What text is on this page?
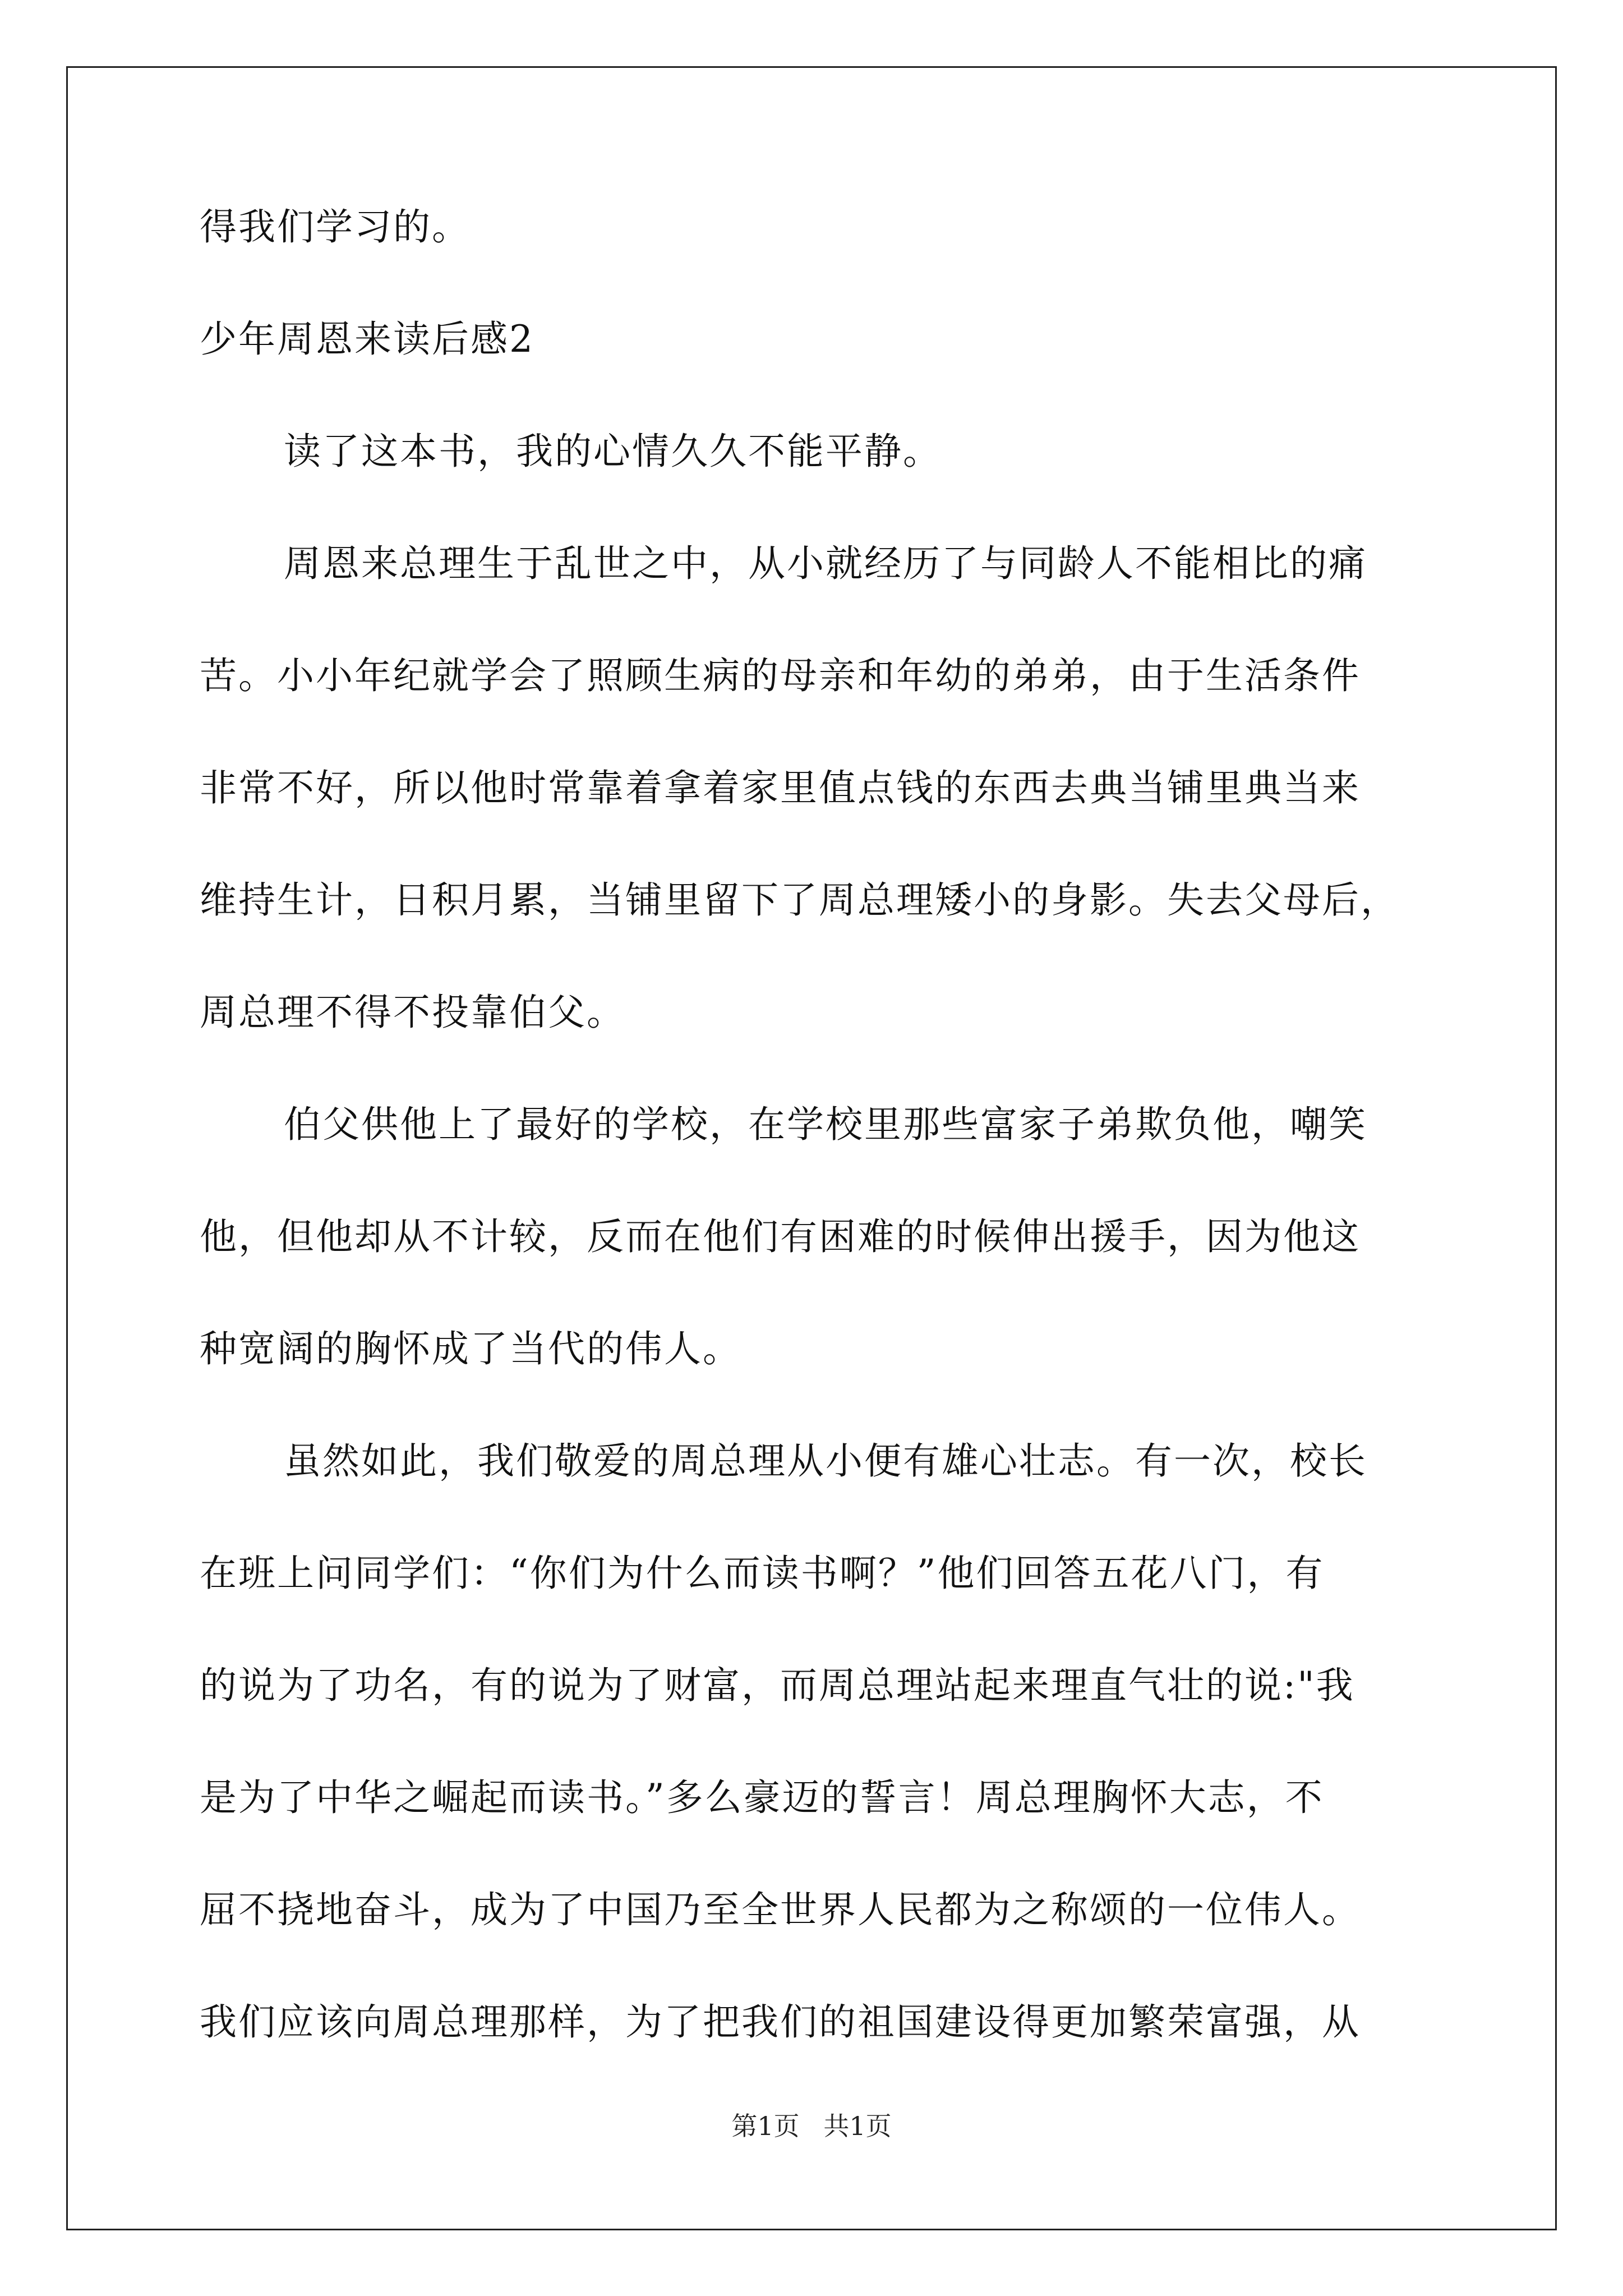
得我们学习的。
少年周恩来读后感2
读了这本书，我的心情久久不能平静。
周恩来总理生于乱世之中，从小就经历了与同龄人不能相比的痛
苦。小小年纪就学会了照顾生病的母亲和年幼的弟弟，由于生活条件
非常不好，所以他时常靠着拿着家里值点钱的东西去典当铺里典当来
维持生计，日积月累，当铺里留下了周总理矮小的身影。失去父母后，
周总理不得不投靠伯父。
伯父供他上了最好的学校，在学校里那些富家子弟欺负他，嘲笑
他，但他却从不计较，反而在他们有困难的时候伸出援手，因为他这
种宽阔的胸怀成了当代的伟人。
虽然如此，我们敬爱的周总理从小便有雄心壮志。有一次，校长
在班上问同学们：“你们为什么而读书啊？”他们回答五花八门，有
的说为了功名，有的说为了财富，而周总理站起来理直气壮的说:"我
是为了中华之崛起而读书。”多么豪迈的誓言！周总理胸怀大志，不
屈不挠地奋斗，成为了中国乃至全世界人民都为之称颂的一位伟人。
我们应该向周总理那样，为了把我们的祖国建设得更加繁荣富强，从
第1页 共1页
